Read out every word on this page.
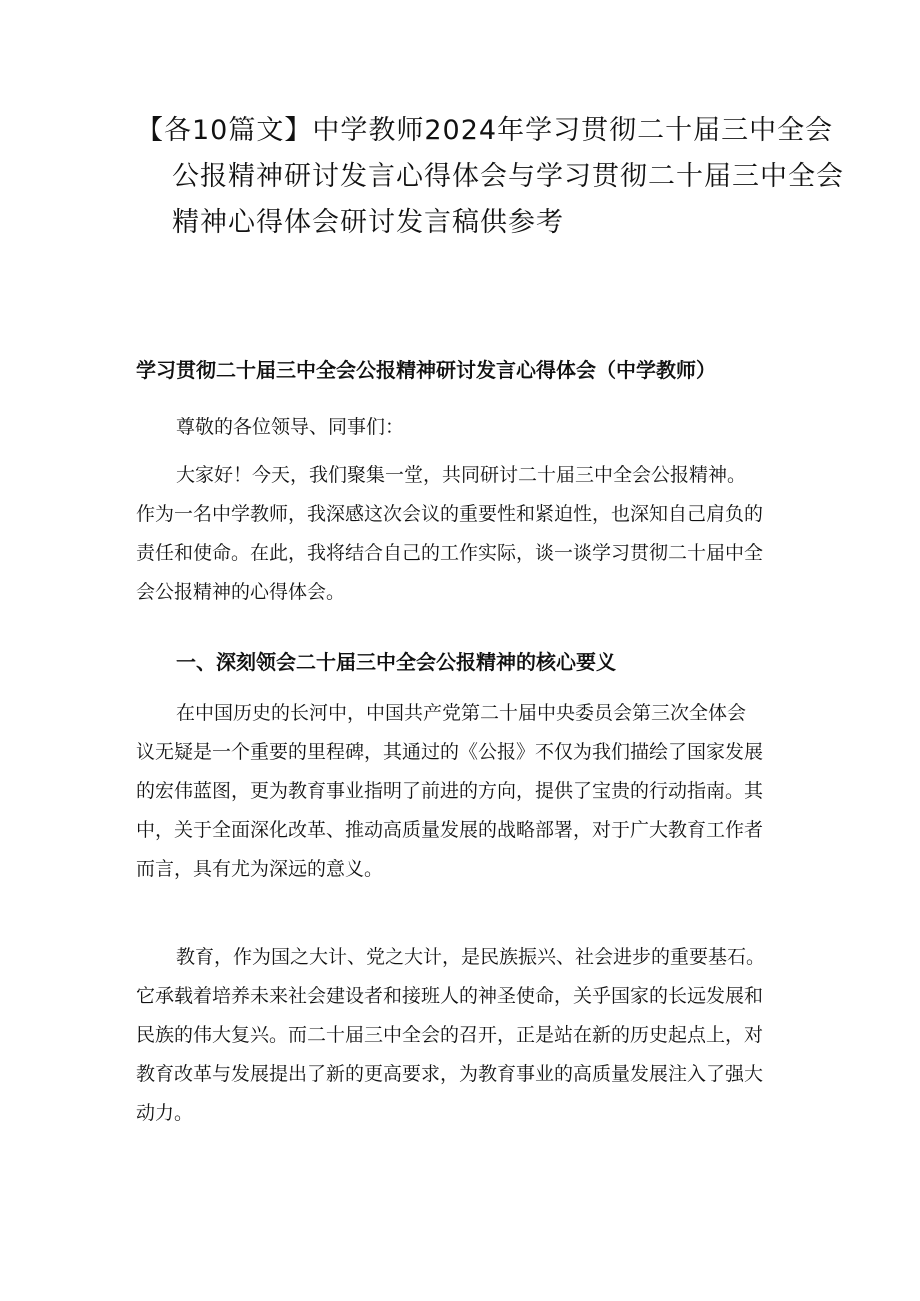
【各10篇文】中学教师2024年学习贯彻二十届三中全会
公报精神研讨发言心得体会与学习贯彻二十届三中全会
精神心得体会研讨发言稿供参考
学习贯彻二十届三中全会公报精神研讨发言心得体会（中学教师）
尊敬的各位领导、同事们：
大家好！今天，我们聚集一堂，共同研讨二十届三中全会公报精神。
作为一名中学教师，我深感这次会议的重要性和紧迫性，也深知自己肩负的
责任和使命。在此，我将结合自己的工作实际，谈一谈学习贯彻二十届中全
会公报精神的心得体会。
一、深刻领会二十届三中全会公报精神的核心要义
在中国历史的长河中，中国共产党第二十届中央委员会第三次全体会
议无疑是一个重要的里程碑，其通过的《公报》不仅为我们描绘了国家发展
的宏伟蓝图，更为教育事业指明了前进的方向，提供了宝贵的行动指南。其
中，关于全面深化改革、推动高质量发展的战略部署，对于广大教育工作者
而言，具有尤为深远的意义。
教育，作为国之大计、党之大计，是民族振兴、社会进步的重要基石。
它承载着培养未来社会建设者和接班人的神圣使命，关乎国家的长远发展和
民族的伟大复兴。而二十届三中全会的召开，正是站在新的历史起点上，对
教育改革与发展提出了新的更高要求，为教育事业的高质量发展注入了强大
动力。
